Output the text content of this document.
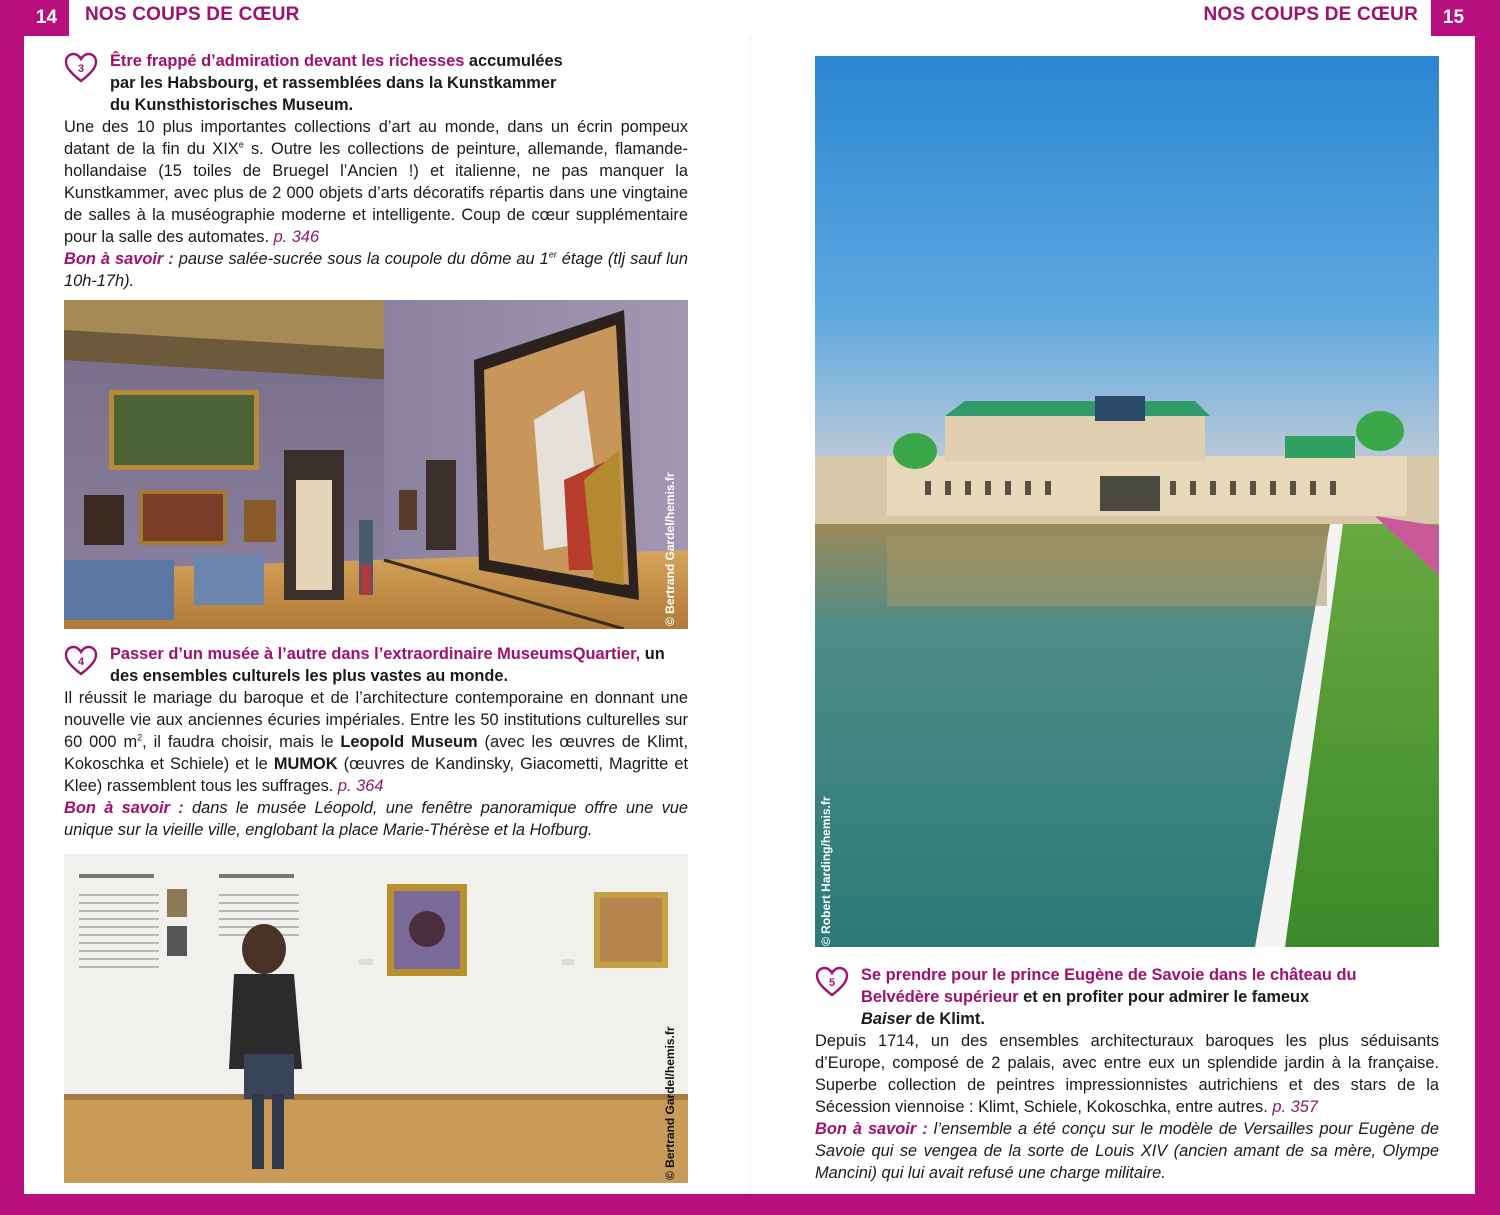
14	NOS COUPS DE CŒUR	15
NOS COUPS DE CŒUR
3	Être frappé d’admiration devant les richesses accumulées par les Habsbourg, et rassemblées dans la Kunstkammer du Kunsthistorisches Museum.
Une des 10 plus importantes collections d’art au monde, dans un écrin pompeux datant de la fin du XIXe s. Outre les collections de peinture, allemande, flamande-hollandaise (15 toiles de Bruegel l’Ancien !) et italienne, ne pas manquer la Kunstkammer, avec plus de 2 000 objets d’arts décoratifs répartis dans une vingtaine de salles à la muséographie moderne et intelligente. Coup de cœur supplémentaire pour la salle des automates. p. 346
Bon à savoir : pause salée-sucrée sous la coupole du dôme au 1er étage (tlj sauf lun 10h-17h).
© Bertrand Gardel/hemis.fr
4	Passer d’un musée à l’autre dans l’extraordinaire MuseumsQuartier, un des ensembles culturels les plus vastes au monde.
Il réussit le mariage du baroque et de l’architecture contemporaine en donnant une nouvelle vie aux anciennes écuries impériales. Entre les 50 institutions culturelles sur 60 000 $m^2$, il faudra choisir, mais le Leopold Museum (avec les œuvres de Klimt, Kokoschka et Schiele) et le MUMOK (œuvres de Kandinsky, Giacometti, Magritte et Klee) rassemblent tous les suffrages. p. 364
Bon à savoir : dans le musée Léopold, une fenêtre panoramique offre une vue unique sur la vieille ville, englobant la place Marie-Thérèse et la Hofburg.
© Bertrand Gardel/hemis.fr
© Robert Harding/hemis.fr
5	Se prendre pour le prince Eugène de Savoie dans le château du Belvédère supérieur et en profiter pour admirer le fameux Baiser de Klimt.
Depuis 1714, un des ensembles architecturaux baroques les plus séduisants d’Europe, composé de 2 palais, avec entre eux un splendide jardin à la française. Superbe collection de peintres impressionnistes autrichiens et des stars de la Sécession viennoise : Klimt, Schiele, Kokoschka, entre autres. p. 357
Bon à savoir : l’ensemble a été conçu sur le modèle de Versailles pour Eugène de Savoie qui se vengea de la sorte de Louis XIV (ancien amant de sa mère, Olympe Mancini) qui lui avait refusé une charge militaire.
